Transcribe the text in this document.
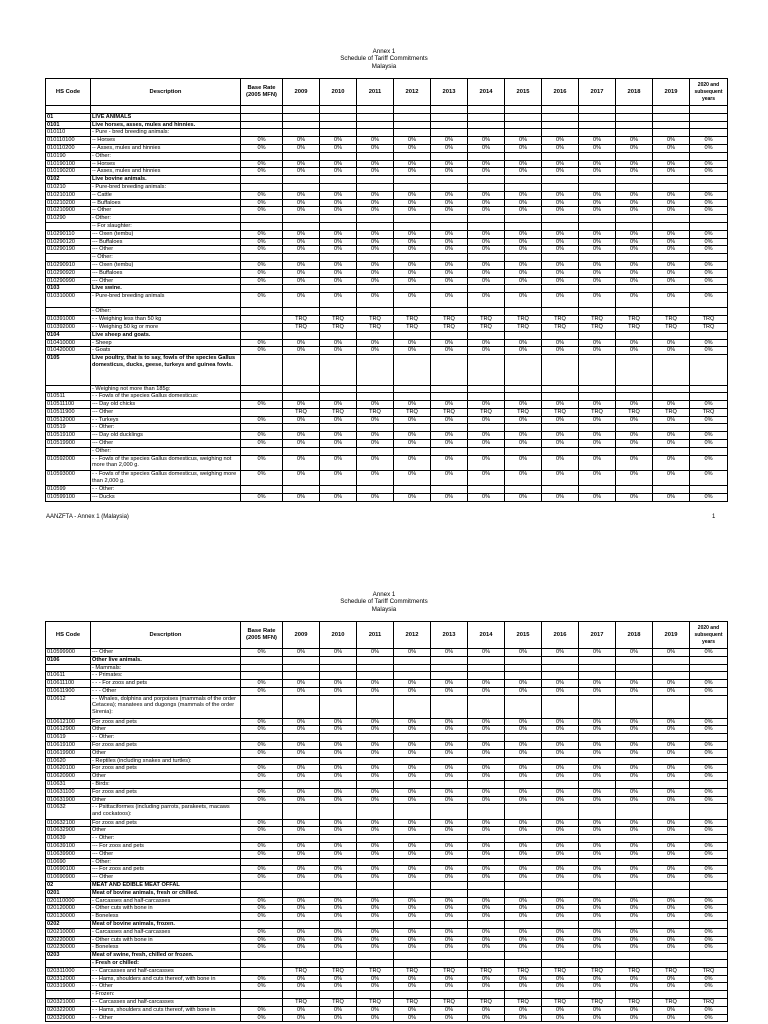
Annex 1
Schedule of Tariff Commitments
Malaysia
HS Code	Description	Base Rate (2005 MFN)	2009	2010	2011	2012	2013	2014	2015	2016	2017	2018	2019	2020 and subsequent years

01	LIVE ANIMALS													
0101	Live horses, asses, mules and hinnies.													
010110	- Pure - bred breeding animals:													
010110100	-- Horses	0%	0%	0%	0%	0%	0%	0%	0%	0%	0%	0%	0%	0%
010110200	-- Asses, mules and hinnies	0%	0%	0%	0%	0%	0%	0%	0%	0%	0%	0%	0%	0%
010190	- Other:													
010190100	-- Horses	0%	0%	0%	0%	0%	0%	0%	0%	0%	0%	0%	0%	0%
010190200	-- Asses, mules and hinnies	0%	0%	0%	0%	0%	0%	0%	0%	0%	0%	0%	0%	0%
0102	Live bovine animals.													
010210	- Pure-bred breeding animals:													
010210100	-- Cattle	0%	0%	0%	0%	0%	0%	0%	0%	0%	0%	0%	0%	0%
010210200	-- Buffaloes	0%	0%	0%	0%	0%	0%	0%	0%	0%	0%	0%	0%	0%
010210900	-- Other	0%	0%	0%	0%	0%	0%	0%	0%	0%	0%	0%	0%	0%
010290	- Other:													
	-- For slaughter:													
010290110	--- Oxen (tembu)	0%	0%	0%	0%	0%	0%	0%	0%	0%	0%	0%	0%	0%
010290120	--- Buffaloes	0%	0%	0%	0%	0%	0%	0%	0%	0%	0%	0%	0%	0%
010290190	--- Other	0%	0%	0%	0%	0%	0%	0%	0%	0%	0%	0%	0%	0%
	-- Other:													
010290910	--- Oxen (tembu)	0%	0%	0%	0%	0%	0%	0%	0%	0%	0%	0%	0%	0%
010290920	--- Buffaloes	0%	0%	0%	0%	0%	0%	0%	0%	0%	0%	0%	0%	0%
010290990	--- Other	0%	0%	0%	0%	0%	0%	0%	0%	0%	0%	0%	0%	0%
0103	Live swine.													
010310000	- Pure-bred breeding animals	0%	0%	0%	0%	0%	0%	0%	0%	0%	0%	0%	0%	0%
	- Other:													
010391000	- - Weighing less than 50 kg		TRQ	TRQ	TRQ	TRQ	TRQ	TRQ	TRQ	TRQ	TRQ	TRQ	TRQ	TRQ
010392000	- - Weighing 50 kg or more		TRQ	TRQ	TRQ	TRQ	TRQ	TRQ	TRQ	TRQ	TRQ	TRQ	TRQ	TRQ
0104	Live sheep and goats.													
010410000	- Sheep	0%	0%	0%	0%	0%	0%	0%	0%	0%	0%	0%	0%	0%
010420000	- Goats	0%	0%	0%	0%	0%	0%	0%	0%	0%	0%	0%	0%	0%
0105	Live poultry, that is to say, fowls of the species Gallus domesticus, ducks, geese, turkeys and guinea fowls.													
	- Weighing not more than 185g:													
010511	- - Fowls of the species Gallus domesticus:													
010511100	--- Day old chicks	0%	0%	0%	0%	0%	0%	0%	0%	0%	0%	0%	0%	0%
010511900	--- Other		TRQ	TRQ	TRQ	TRQ	TRQ	TRQ	TRQ	TRQ	TRQ	TRQ	TRQ	TRQ
010512000	- - Turkeys	0%	0%	0%	0%	0%	0%	0%	0%	0%	0%	0%	0%	0%
010519	- - Other:													
010519100	--- Day old ducklings	0%	0%	0%	0%	0%	0%	0%	0%	0%	0%	0%	0%	0%
010519900	--- Other	0%	0%	0%	0%	0%	0%	0%	0%	0%	0%	0%	0%	0%
	- Other:													
010592000	- - Fowls of the species Gallus domesticus, weighing not more than 2,000 g.	0%	0%	0%	0%	0%	0%	0%	0%	0%	0%	0%	0%	0%
010593000	- - Fowls of the species Gallus domesticus, weighing more than 2,000 g.	0%	0%	0%	0%	0%	0%	0%	0%	0%	0%	0%	0%	0%
010599	- - Other:													
010599100	--- Ducks	0%	0%	0%	0%	0%	0%	0%	0%	0%	0%	0%	0%	0%
AANZFTA - Annex 1 (Malaysia)	1
Annex 1
Schedule of Tariff Commitments
Malaysia
HS Code	Description	Base Rate (2005 MFN)	2009	2010	2011	2012	2013	2014	2015	2016	2017	2018	2019	2020 and subsequent years
010599900	--- Other	0%	0%	0%	0%	0%	0%	0%	0%	0%	0%	0%	0%	0%
0106	Other live animals.													
	- Mammals:													
010611	- - Primates:													
010611100	- - - For zoos and pets	0%	0%	0%	0%	0%	0%	0%	0%	0%	0%	0%	0%	0%
010611900	- - - Other	0%	0%	0%	0%	0%	0%	0%	0%	0%	0%	0%	0%	0%
010612	- - Whales, dolphins and porpoises (mammals of the order Cetacea); manatees and dugongs (mammals of the order Sirenia):													
010612100	For zoos and pets	0%	0%	0%	0%	0%	0%	0%	0%	0%	0%	0%	0%	0%
010612900	Other	0%	0%	0%	0%	0%	0%	0%	0%	0%	0%	0%	0%	0%
010619	- - Other:													
010619100	For zoos and pets	0%	0%	0%	0%	0%	0%	0%	0%	0%	0%	0%	0%	0%
010619900	Other	0%	0%	0%	0%	0%	0%	0%	0%	0%	0%	0%	0%	0%
010620	- Reptiles (including snakes and turtles):													
010620100	For zoos and pets	0%	0%	0%	0%	0%	0%	0%	0%	0%	0%	0%	0%	0%
010620900	Other	0%	0%	0%	0%	0%	0%	0%	0%	0%	0%	0%	0%	0%
010631	- Birds:													
010631100	For zoos and pets	0%	0%	0%	0%	0%	0%	0%	0%	0%	0%	0%	0%	0%
010631900	Other	0%	0%	0%	0%	0%	0%	0%	0%	0%	0%	0%	0%	0%
010632	- - Psittaciformes (including parrots, parakeets, macaws and cockatoos):													
010632100	For zoos and pets	0%	0%	0%	0%	0%	0%	0%	0%	0%	0%	0%	0%	0%
010632900	Other	0%	0%	0%	0%	0%	0%	0%	0%	0%	0%	0%	0%	0%
010639	- - Other:													
010639100	--- For zoos and pets	0%	0%	0%	0%	0%	0%	0%	0%	0%	0%	0%	0%	0%
010639900	--- Other	0%	0%	0%	0%	0%	0%	0%	0%	0%	0%	0%	0%	0%
010690	- Other:													
010690100	--- For zoos and pets	0%	0%	0%	0%	0%	0%	0%	0%	0%	0%	0%	0%	0%
010690900	--- Other	0%	0%	0%	0%	0%	0%	0%	0%	0%	0%	0%	0%	0%
02	MEAT AND EDIBLE MEAT OFFAL													
0201	Meat of bovine animals, fresh or chilled.													
020110000	- Carcasses and half-carcasses	0%	0%	0%	0%	0%	0%	0%	0%	0%	0%	0%	0%	0%
020120000	- Other cuts with bone in	0%	0%	0%	0%	0%	0%	0%	0%	0%	0%	0%	0%	0%
020130000	- Boneless	0%	0%	0%	0%	0%	0%	0%	0%	0%	0%	0%	0%	0%
0202	Meat of bovine animals, frozen.													
020210000	- Carcasses and half-carcasses	0%	0%	0%	0%	0%	0%	0%	0%	0%	0%	0%	0%	0%
020220000	- Other cuts with bone in	0%	0%	0%	0%	0%	0%	0%	0%	0%	0%	0%	0%	0%
020230000	- Boneless	0%	0%	0%	0%	0%	0%	0%	0%	0%	0%	0%	0%	0%
0203	Meat of swine, fresh, chilled or frozen.													
	- Fresh or chilled:													
020311000	- - Carcasses and half-carcasses		TRQ	TRQ	TRQ	TRQ	TRQ	TRQ	TRQ	TRQ	TRQ	TRQ	TRQ	TRQ
020312000	- - Hams, shoulders and cuts thereof, with bone in	0%	0%	0%	0%	0%	0%	0%	0%	0%	0%	0%	0%	0%
020319000	- - Other	0%	0%	0%	0%	0%	0%	0%	0%	0%	0%	0%	0%	0%
	- Frozen:													
020321000	- - Carcasses and half-carcasses		TRQ	TRQ	TRQ	TRQ	TRQ	TRQ	TRQ	TRQ	TRQ	TRQ	TRQ	TRQ
020322000	- - Hams, shoulders and cuts thereof, with bone in	0%	0%	0%	0%	0%	0%	0%	0%	0%	0%	0%	0%	0%
020329000	- - Other	0%	0%	0%	0%	0%	0%	0%	0%	0%	0%	0%	0%	0%
